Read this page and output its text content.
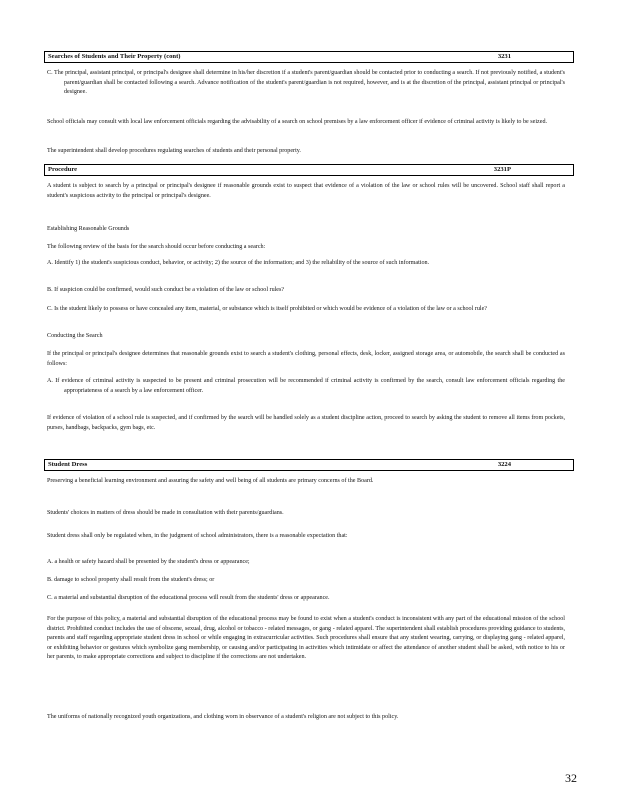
Searches of Students and Their Property (cont)	3231

C. The principal, assistant principal, or principal's designee shall determine in his/her discretion if a student's parent/guardian should be contacted prior to conducting a search. If not previously notified, a student's parent/guardian shall be contacted following a search. Advance notification of the student's parent/guardian is not required, however, and is at the discretion of the principal, assistant principal or principal's designee.

School officials may consult with local law enforcement officials regarding the advisability of a search on school premises by a law enforcement officer if evidence of criminal activity is likely to be seized.

The superintendent shall develop procedures regulating searches of students and their personal property.

Procedure	3231P

A student is subject to search by a principal or principal's designee if reasonable grounds exist to suspect that evidence of a violation of the law or school rules will be uncovered. School staff shall report a student's suspicious activity to the principal or principal's designee.

Establishing Reasonable Grounds

The following review of the basis for the search should occur before conducting a search:

A. Identify 1) the student's suspicious conduct, behavior, or activity; 2) the source of the information; and 3) the reliability of the source of such information.

B. If suspicion could be confirmed, would such conduct be a violation of the law or school rules?

C. Is the student likely to possess or have concealed any item, material, or substance which is itself prohibited or which would be evidence of a violation of the law or a school rule?

Conducting the Search

If the principal or principal's designee determines that reasonable grounds exist to search a student's clothing, personal effects, desk, locker, assigned storage area, or automobile, the search shall be conducted as follows:

A. If evidence of criminal activity is suspected to be present and criminal prosecution will be recommended if criminal activity is confirmed by the search, consult law enforcement officials regarding the appropriateness of a search by a law enforcement officer.

If evidence of violation of a school rule is suspected, and if confirmed by the search will be handled solely as a student discipline action, proceed to search by asking the student to remove all items from pockets, purses, handbags, backpacks, gym bags, etc.

Student Dress	3224

Preserving a beneficial learning environment and assuring the safety and well being of all students are primary concerns of the Board.

Students' choices in matters of dress should be made in consultation with their parents/guardians.

Student dress shall only be regulated when, in the judgment of school administrators, there is a reasonable expectation that:

A. a health or safety hazard shall be presented by the student's dress or appearance;

B. damage to school property shall result from the student's dress; or

C. a material and substantial disruption of the educational process will result from the students' dress or appearance.

For the purpose of this policy, a material and substantial disruption of the educational process may be found to exist when a student's conduct is inconsistent with any part of the educational mission of the school district. Prohibited conduct includes the use of obscene, sexual, drug, alcohol or tobacco - related messages, or gang - related apparel. The superintendent shall establish procedures providing guidance to students, parents and staff regarding appropriate student dress in school or while engaging in extracurricular activities. Such procedures shall ensure that any student wearing, carrying, or displaying gang - related apparel, or exhibiting behavior or gestures which symbolize gang membership, or causing and/or participating in activities which intimidate or affect the attendance of another student shall be asked, with notice to his or her parents, to make appropriate corrections and subject to discipline if the corrections are not undertaken.

The uniforms of nationally recognized youth organizations, and clothing worn in observance of a student's religion are not subject to this policy.

32
